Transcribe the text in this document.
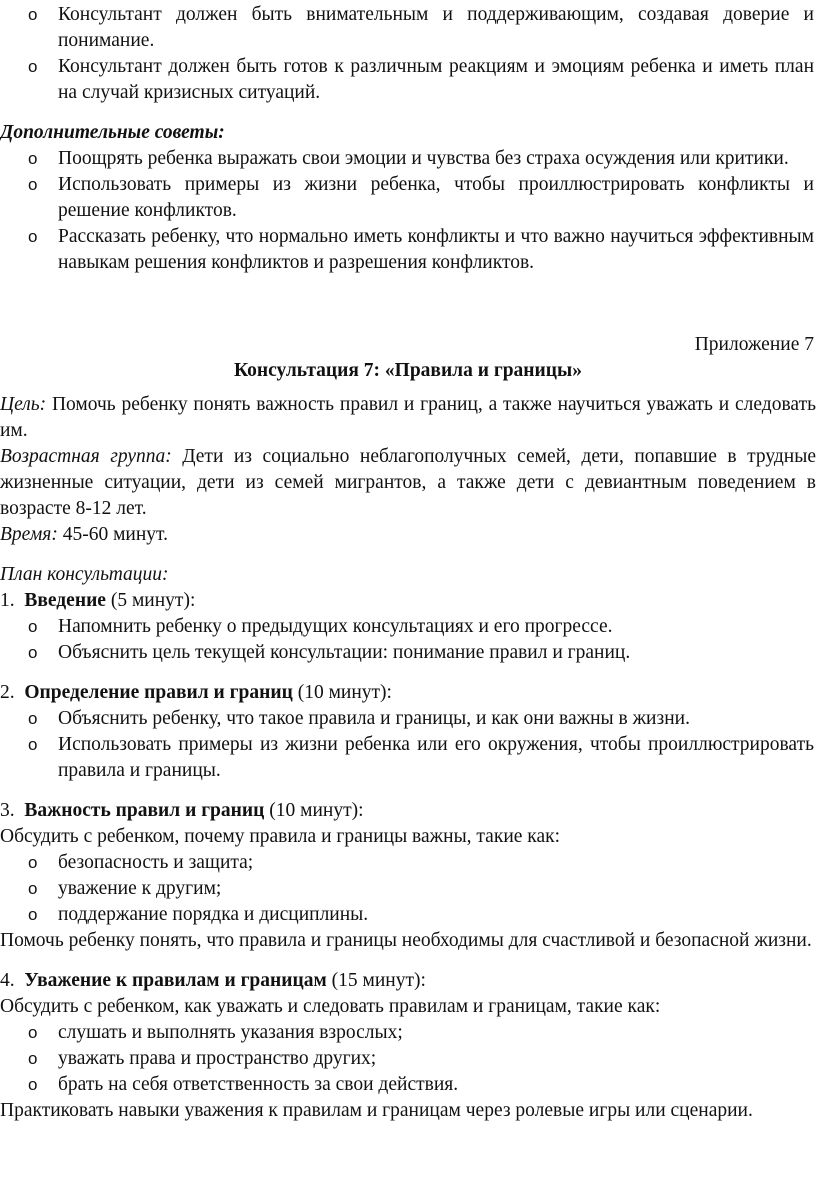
o Консультант должен быть внимательным и поддерживающим, создавая доверие и понимание.
o Консультант должен быть готов к различным реакциям и эмоциям ребенка и иметь план на случай кризисных ситуаций.

Дополнительные советы:

o Поощрять ребенка выражать свои эмоции и чувства без страха осуждения или критики.
o Использовать примеры из жизни ребенка, чтобы проиллюстрировать конфликты и решение конфликтов.
o Рассказать ребенку, что нормально иметь конфликты и что важно научиться эффективным навыкам решения конфликтов и разрешения конфликтов.

Приложение 7

Консультация 7: «Правила и границы»

Цель: Помочь ребенку понять важность правил и границ, а также научиться уважать и следовать им.

Возрастная группа: Дети из социально неблагополучных семей, дети, попавшие в трудные жизненные ситуации, дети из семей мигрантов, а также дети с девиантным поведением в возрасте 8-12 лет.

Время: 45-60 минут.

План консультации:

1. Введение (5 минут):

o Напомнить ребенку о предыдущих консультациях и его прогрессе.
o Объяснить цель текущей консультации: понимание правил и границ.

2. Определение правил и границ (10 минут):

o Объяснить ребенку, что такое правила и границы, и как они важны в жизни.
o Использовать примеры из жизни ребенка или его окружения, чтобы проиллюстрировать правила и границы.

3. Важность правил и границ (10 минут):

Обсудить с ребенком, почему правила и границы важны, такие как:

o безопасность и защита;
o уважение к другим;
o поддержание порядка и дисциплины.

Помочь ребенку понять, что правила и границы необходимы для счастливой и безопасной жизни.

4. Уважение к правилам и границам (15 минут):

Обсудить с ребенком, как уважать и следовать правилам и границам, такие как:

o слушать и выполнять указания взрослых;
o уважать права и пространство других;
o брать на себя ответственность за свои действия.

Практиковать навыки уважения к правилам и границам через ролевые игры или сценарии.
